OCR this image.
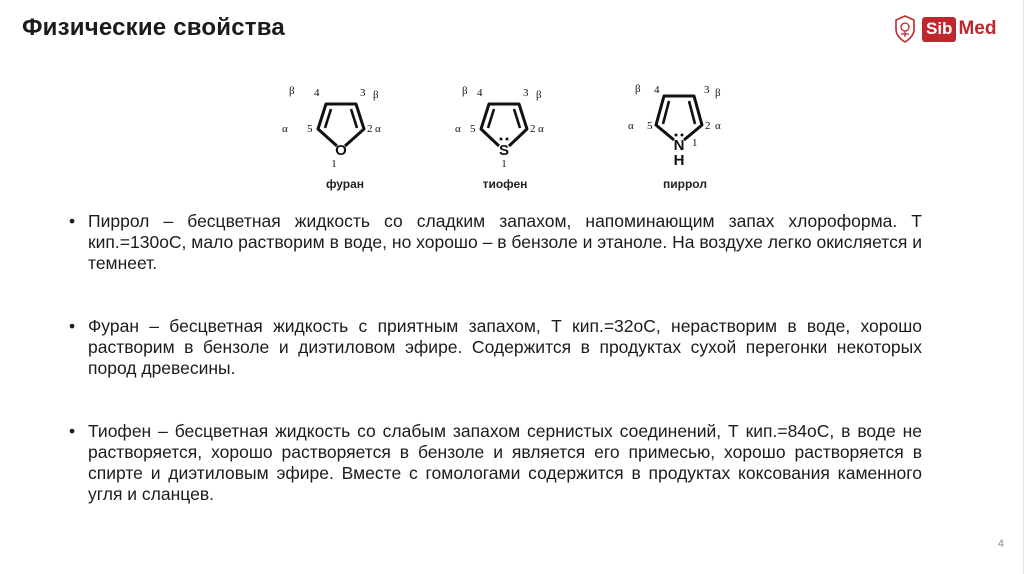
Физические свойства	Sib Med
O
1
2
3
4
5
β	β
α	α
фуран
S
1
2
3
4
5
β	β
α	α
тиофен
N
H
1
2
3
4
5
β	β
α	α
пиррол
• Пиррол – бесцветная жидкость со сладким запахом, напоминающим запах хлороформа. Т кип.=130оС, мало растворим в воде, но хорошо – в бензоле и этаноле. На воздухе легко окисляется и темнеет.
• Фуран – бесцветная жидкость с приятным запахом, Т кип.=32оС, нерастворим в воде, хорошо растворим в бензоле и диэтиловом эфире. Содержится в продуктах сухой перегонки некоторых пород древесины.
• Тиофен – бесцветная жидкость со слабым запахом сернистых соединений, Т кип.=84оС, в воде не растворяется, хорошо растворяется в бензоле и является его примесью, хорошо растворяется в спирте и диэтиловым эфире. Вместе с гомологами содержится в продуктах коксования каменного угля и сланцев.
4
